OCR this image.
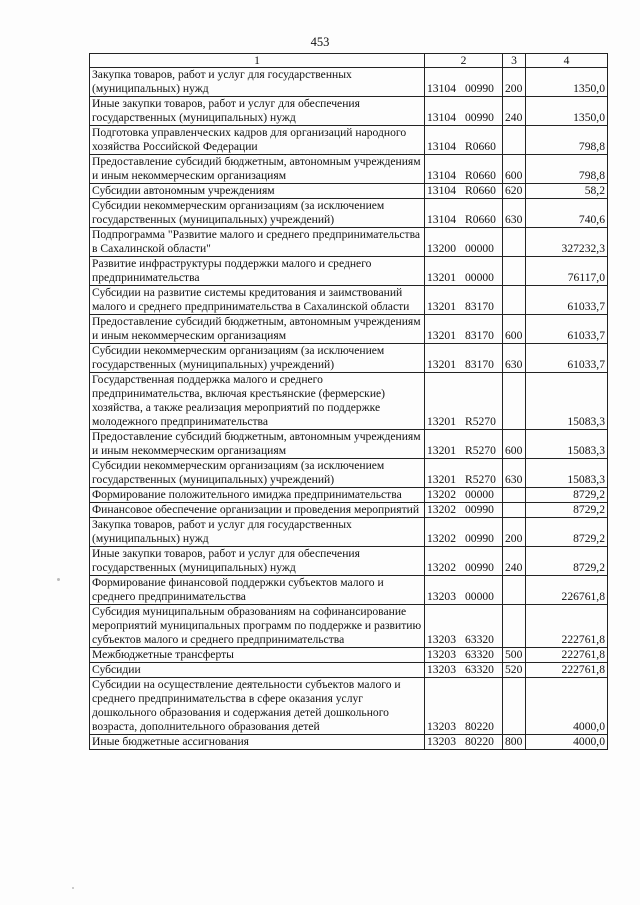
453
1	2	3	4
Закупка товаров, работ и услуг для государственных (муниципальных) нужд	13104 00990	200	1350,0
Иные закупки товаров, работ и услуг для обеспечения государственных (муниципальных) нужд	13104 00990	240	1350,0
Подготовка управленческих кадров для организаций народного хозяйства Российской Федерации	13104 R0660		798,8
Предоставление субсидий бюджетным, автономным учреждениям и иным некоммерческим организациям	13104 R0660	600	798,8
Субсидии автономным учреждениям	13104 R0660	620	58,2
Субсидии некоммерческим организациям (за исключением государственных (муниципальных) учреждений)	13104 R0660	630	740,6
Подпрограмма "Развитие малого и среднего предпринимательства в Сахалинской области"	13200 00000		327232,3
Развитие инфраструктуры поддержки малого и среднего предпринимательства	13201 00000		76117,0
Субсидии на развитие системы кредитования и заимствований малого и среднего предпринимательства в Сахалинской области	13201 83170		61033,7
Предоставление субсидий бюджетным, автономным учреждениям и иным некоммерческим организациям	13201 83170	600	61033,7
Субсидии некоммерческим организациям (за исключением государственных (муниципальных) учреждений)	13201 83170	630	61033,7
Государственная поддержка малого и среднего предпринимательства, включая крестьянские (фермерские) хозяйства, а также реализация мероприятий по поддержке молодежного предпринимательства	13201 R5270		15083,3
Предоставление субсидий бюджетным, автономным учреждениям и иным некоммерческим организациям	13201 R5270	600	15083,3
Субсидии некоммерческим организациям (за исключением государственных (муниципальных) учреждений)	13201 R5270	630	15083,3
Формирование положительного имиджа предпринимательства	13202 00000		8729,2
Финансовое обеспечение организации и проведения мероприятий	13202 00990		8729,2
Закупка товаров, работ и услуг для государственных (муниципальных) нужд	13202 00990	200	8729,2
Иные закупки товаров, работ и услуг для обеспечения государственных (муниципальных) нужд	13202 00990	240	8729,2
Формирование финансовой поддержки субъектов малого и среднего предпринимательства	13203 00000		226761,8
Субсидия муниципальным образованиям на софинансирование мероприятий муниципальных программ по поддержке и развитию субъектов малого и среднего предпринимательства	13203 63320		222761,8
Межбюджетные трансферты	13203 63320	500	222761,8
Субсидии	13203 63320	520	222761,8
Субсидии на осуществление деятельности субъектов малого и среднего предпринимательства в сфере оказания услуг дошкольного образования и содержания детей дошкольного возраста, дополнительного образования детей	13203 80220		4000,0
Иные бюджетные ассигнования	13203 80220	800	4000,0
